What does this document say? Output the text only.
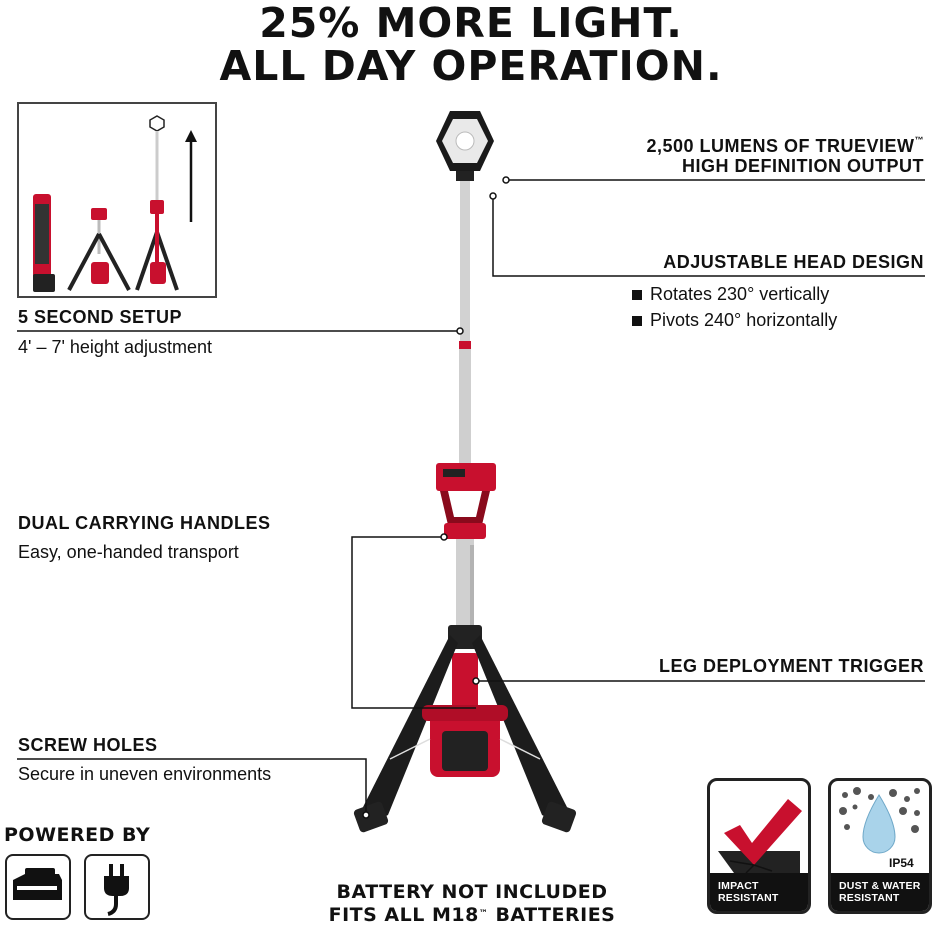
25% MORE LIGHT.
ALL DAY OPERATION.
2,500 LUMENS OF TRUEVIEW™
HIGH DEFINITION OUTPUT
ADJUSTABLE HEAD DESIGN
Rotates 230° vertically
Pivots 240° horizontally
5 SECOND SETUP
4' – 7' height adjustment
DUAL CARRYING HANDLES
Easy, one-handed transport
LEG DEPLOYMENT TRIGGER
SCREW HOLES
Secure in uneven environments
POWERED BY
BATTERY NOT INCLUDED
FITS ALL M18™ BATTERIES
IMPACT
RESISTANT
IP54
DUST & WATER
RESISTANT
